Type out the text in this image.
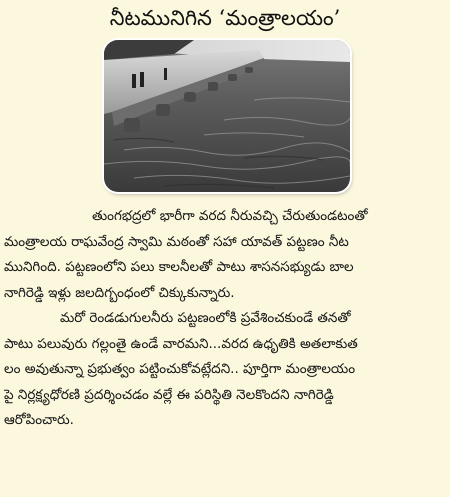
నీటమునిగిన ‘మంత్రాలయం’
తుంగభద్రలో భారీగా వరద నీరువచ్చి చేరుతుండటంతో
మంత్రాలయ రాఘవేంద్ర స్వామి మఠంతో సహా యావత్ పట్టణం నీట
మునిగింది. పట్టణంలోని పలు కాలనీలతో పాటు శాసనసభ్యుడు బాల
నాగిరెడ్డి ఇళ్లు జలదిగ్బంధంలో చిక్కుకున్నారు.
మరో రెండడుగులనీరు పట్టణంలోకి ప్రవేశించకుండే తనతో
పాటు పలువురు గల్లంతై ఉండే వారమని...వరద ఉధృతికి అతలాకుత
లం అవుతున్నా ప్రభుత్వం పట్టించుకోవట్లేదని.. పూర్తిగా మంత్రాలయం
పై నిర్లక్ష్యధోరణి ప్రదర్శించడం వల్లే ఈ పరిస్థితి నెలకొందని నాగిరెడ్డి
ఆరోపించారు.
